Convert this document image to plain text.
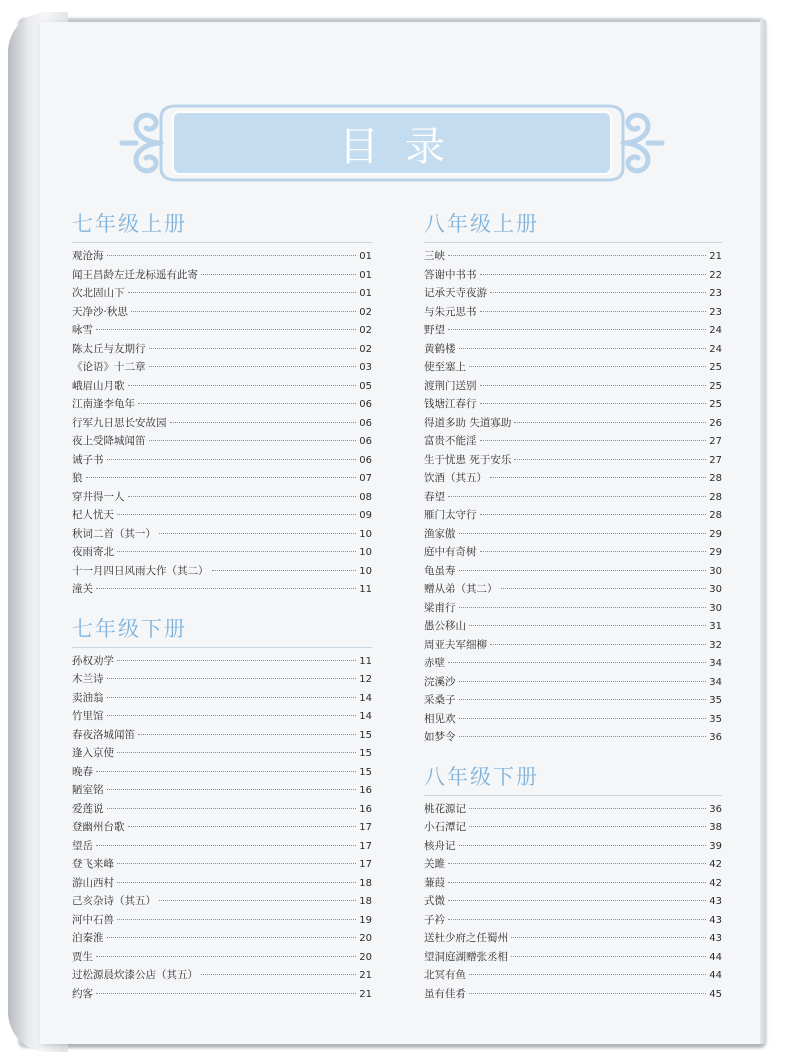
目录
七年级上册
观沧海	01
闻王昌龄左迁龙标遥有此寄	01
次北固山下	01
天净沙·秋思	02
咏雪	02
陈太丘与友期行	02
《论语》十二章	03
峨眉山月歌	05
江南逢李龟年	06
行军九日思长安故园	06
夜上受降城闻笛	06
诫子书	06
狼	07
穿井得一人	08
杞人忧天	09
秋词二首（其一）	10
夜雨寄北	10
十一月四日风雨大作（其二）	10
潼关	11
七年级下册
孙权劝学	11
木兰诗	12
卖油翁	14
竹里馆	14
春夜洛城闻笛	15
逢入京使	15
晚春	15
陋室铭	16
爱莲说	16
登幽州台歌	17
望岳	17
登飞来峰	17
游山西村	18
己亥杂诗（其五）	18
河中石兽	19
泊秦淮	20
贾生	20
过松源晨炊漆公店（其五）	21
约客	21
八年级上册
三峡	21
答谢中书书	22
记承天寺夜游	23
与朱元思书	23
野望	24
黄鹤楼	24
使至塞上	25
渡荆门送别	25
钱塘江春行	25
得道多助 失道寡助	26
富贵不能淫	27
生于忧患 死于安乐	27
饮酒（其五）	28
春望	28
雁门太守行	28
渔家傲	29
庭中有奇树	29
龟虽寿	30
赠从弟（其二）	30
梁甫行	30
愚公移山	31
周亚夫军细柳	32
赤壁	34
浣溪沙	34
采桑子	35
相见欢	35
如梦令	36
八年级下册
桃花源记	36
小石潭记	38
核舟记	39
关雎	42
蒹葭	42
式微	43
子衿	43
送杜少府之任蜀州	43
望洞庭湖赠张丞相	44
北冥有鱼	44
虽有佳肴	45
